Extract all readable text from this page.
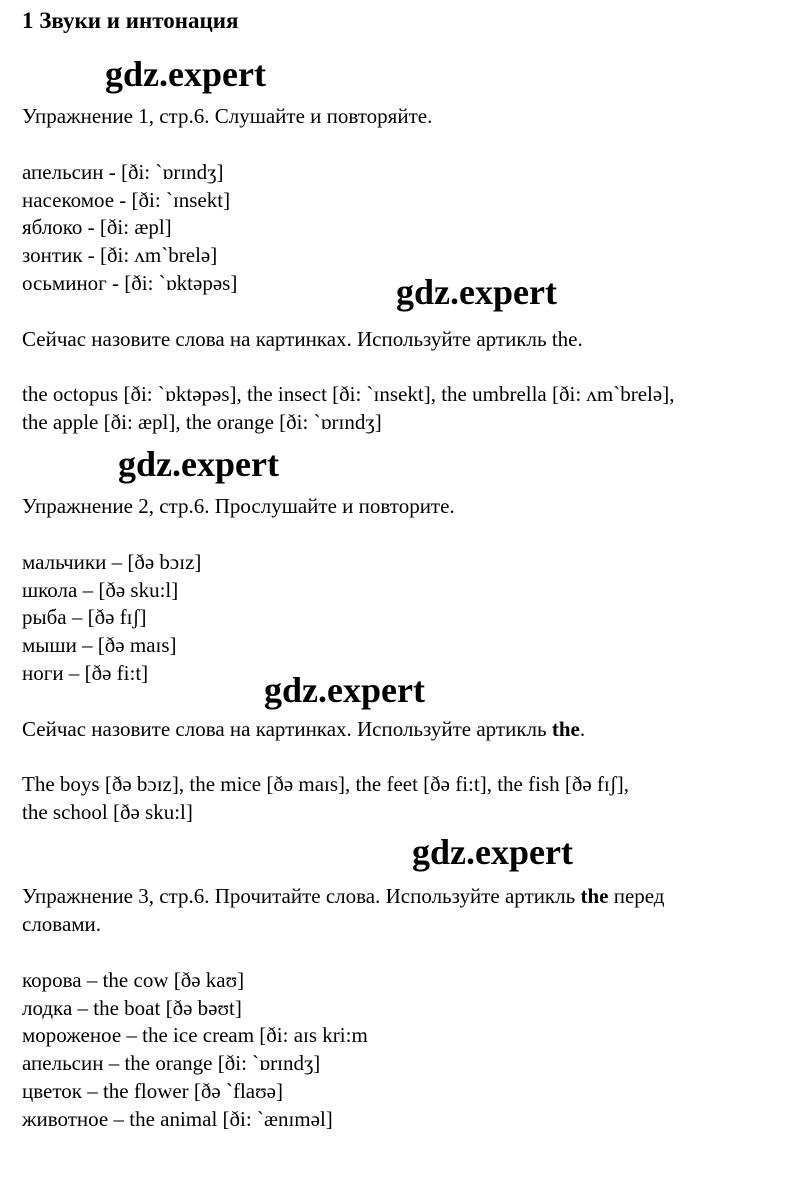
1 Звуки и интонация

gdz.expert

gdz.expert

gdz.expert

gdz.expert

gdz.expert

Упражнение 1, стр.6. Слушайте и повторяйте.

апельсин - [ði: `ɒrɪndʒ]

насекомое - [ði: `ɪnsekt]

яблоко - [ði: æpl]

зонтик - [ði: ʌm`brelə]

осьминог - [ði: `ɒktəpəs]

Сейчас назовите слова на картинках. Используйте артикль the.

the octopus [ði: `ɒktəpəs], the insect [ði: `ɪnsekt], the umbrella [ði: ʌm`brelə],

the apple [ði: æpl], the orange [ði: `ɒrɪndʒ]

Упражнение 2, стр.6. Прослушайте и повторите.

мальчики – [ðə bɔɪz]

школа – [ðə sku:l]

рыба – [ðə fɪʃ]

мыши – [ðə maɪs]

ноги – [ðə fi:t]

Сейчас назовите слова на картинках. Используйте артикль the.

The boys [ðə bɔɪz], the mice [ðə maɪs], the feet [ðə fi:t], the fish [ðə fɪʃ],

the school [ðə sku:l]

Упражнение 3, стр.6. Прочитайте слова. Используйте артикль the перед

словами.

корова – the cow [ðə kaʊ]

лодка – the boat [ðə bəʊt]

мороженое – the ice cream [ði: aɪs kri:m

апельсин – the orange [ði: `ɒrɪndʒ]

цветок – the flower [ðə `flaʊə]

животное – the animal [ði: `ænɪməl]
